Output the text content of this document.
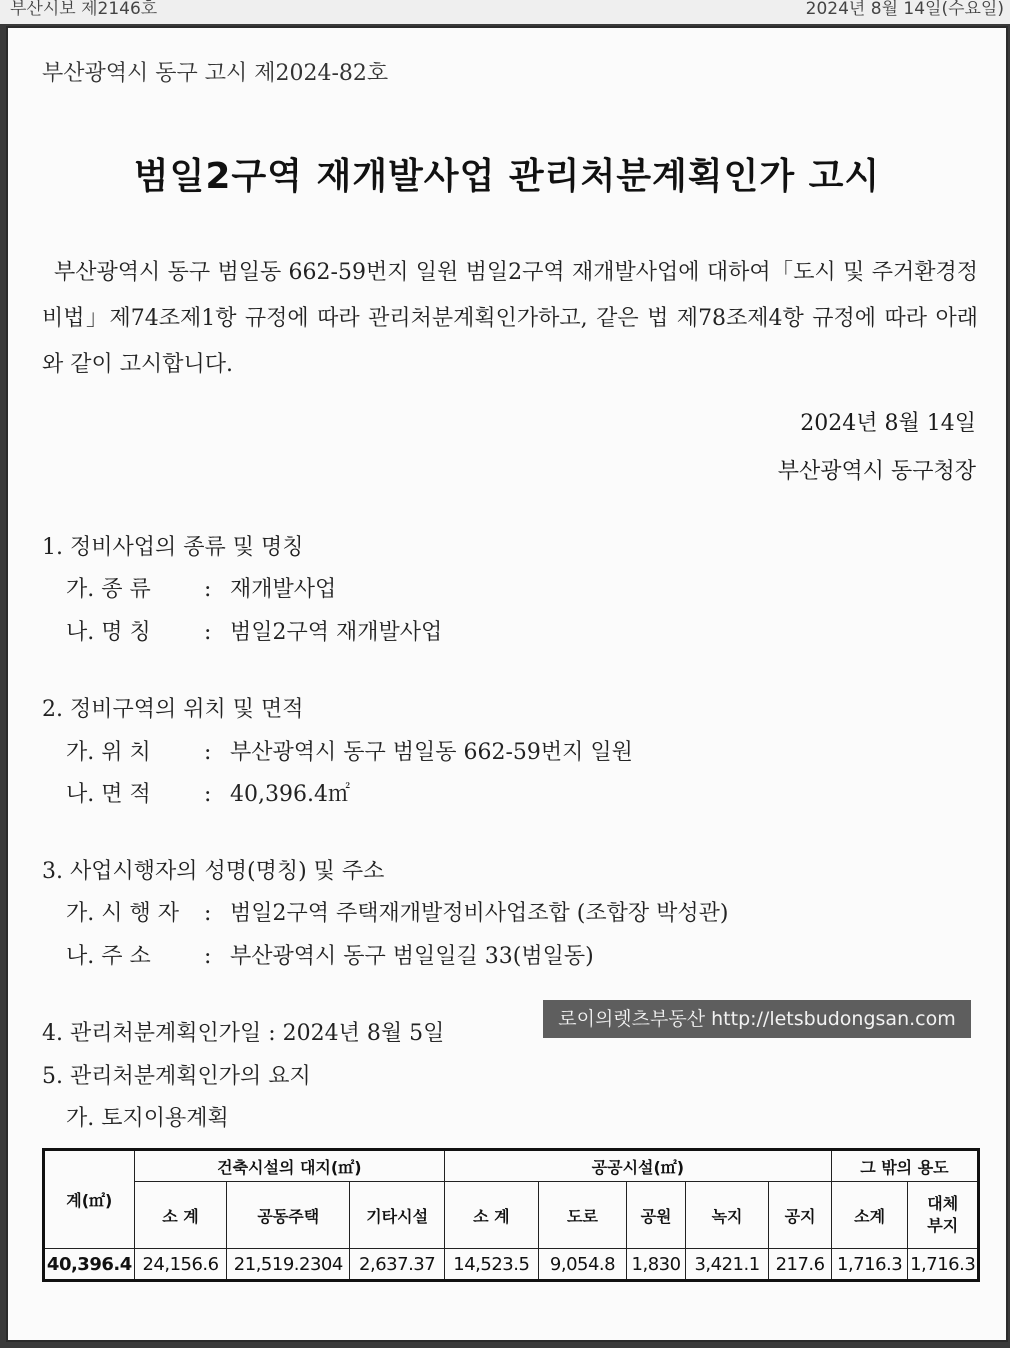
부산시보 제2146호	2024년 8월 14일(수요일)
부산광역시 동구 고시 제2024-82호
범일2구역 재개발사업 관리처분계획인가 고시
부산광역시 동구 범일동 662-59번지 일원 범일2구역 재개발사업에 대하여「도시 및 주거환경정비법」제74조제1항 규정에 따라 관리처분계획인가하고, 같은 법 제78조제4항 규정에 따라 아래와 같이 고시합니다.
2024년 8월 14일
부산광역시 동구청장
1. 정비사업의 종류 및 명칭
가. 종 류 : 재개발사업
나. 명 칭 : 범일2구역 재개발사업
2. 정비구역의 위치 및 면적
가. 위 치 : 부산광역시 동구 범일동 662-59번지 일원
나. 면 적 : 40,396.4㎡
3. 사업시행자의 성명(명칭) 및 주소
가. 시 행 자 : 범일2구역 주택재개발정비사업조합 (조합장 박성관)
나. 주 소 : 부산광역시 동구 범일일길 33(범일동)
4. 관리처분계획인가일 : 2024년 8월 5일
로이의렛츠부동산 http://letsbudongsan.com
5. 관리처분계획인가의 요지
가. 토지이용계획
계(㎡)	건축시설의 대지(㎡)			공공시설(㎡)					그 밖의 용도	
	소 계	공동주택	기타시설	소 계	도로	공원	녹지	공지	소계	대체
부지
40,396.4	24,156.6	21,519.2304	2,637.37	14,523.5	9,054.8	1,830	3,421.1	217.6	1,716.3	1,716.3
